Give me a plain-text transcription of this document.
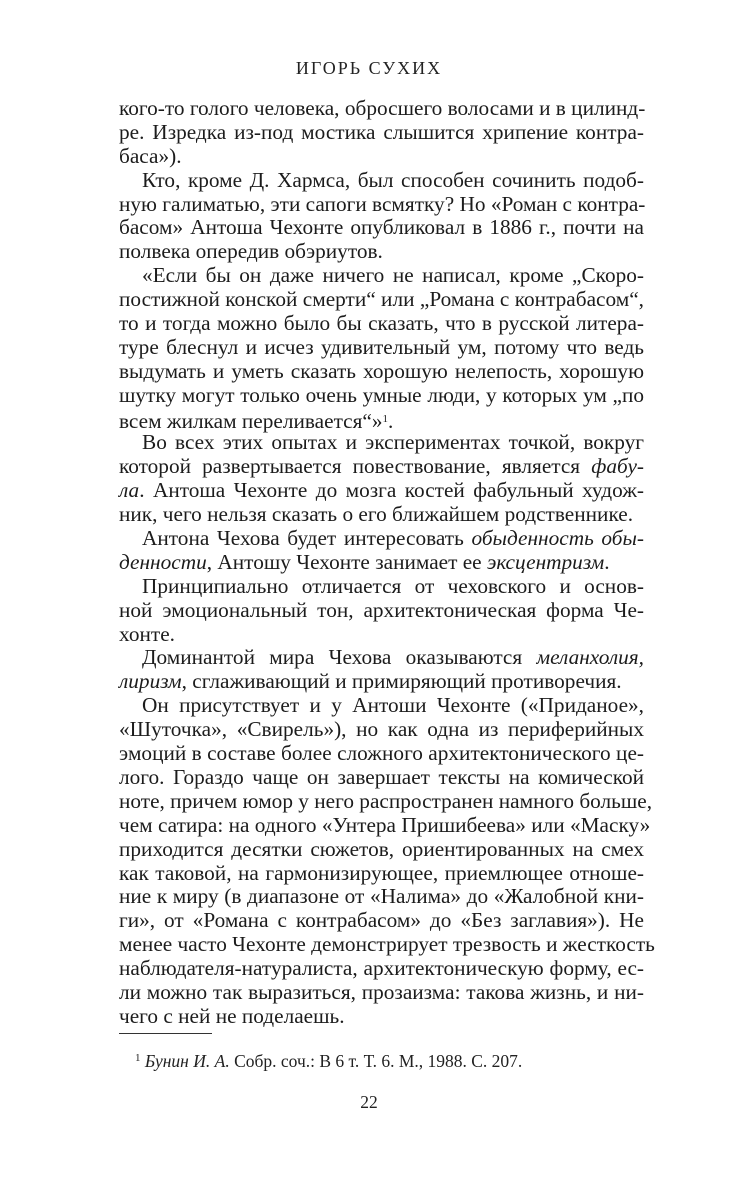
ИГОРЬ СУХИХ
кого-то голого человека, обросшего волосами и в цилинд-
ре. Изредка из-под мостика слышится хрипение контра-
баса»).
Кто, кроме Д. Хармса, был способен сочинить подоб-
ную галиматью, эти сапоги всмятку? Но «Роман с контра-
басом» Антоша Чехонте опубликовал в 1886 г., почти на
полвека опередив обэриутов.
«Если бы он даже ничего не написал, кроме „Скоро-
постижной конской смерти“ или „Романа с контрабасом“,
то и тогда можно было бы сказать, что в русской литера-
туре блеснул и исчез удивительный ум, потому что ведь
выдумать и уметь сказать хорошую нелепость, хорошую
шутку могут только очень умные люди, у которых ум „по
всем жилкам переливается“»$^1$.
Во всех этих опытах и экспериментах точкой, вокруг
которой развертывается повествование, является фабу-
ла. Антоша Чехонте до мозга костей фабульный худож-
ник, чего нельзя сказать о его ближайшем родственнике.
Антона Чехова будет интересовать обыденность обы-
денности, Антошу Чехонте занимает ее эксцентризм.
Принципиально отличается от чеховского и основ-
ной эмоциональный тон, архитектоническая форма Че-
хонте.
Доминантой мира Чехова оказываются меланхолия,
лиризм, сглаживающий и примиряющий противоречия.
Он присутствует и у Антоши Чехонте («Приданое»,
«Шуточка», «Свирель»), но как одна из периферийных
эмоций в составе более сложного архитектонического це-
лого. Гораздо чаще он завершает тексты на комической
ноте, причем юмор у него распространен намного больше,
чем сатира: на одного «Унтера Пришибеева» или «Маску»
приходится десятки сюжетов, ориентированных на смех
как таковой, на гармонизирующее, приемлющее отноше-
ние к миру (в диапазоне от «Налима» до «Жалобной кни-
ги», от «Романа с контрабасом» до «Без заглавия»). Не
менее часто Чехонте демонстрирует трезвость и жесткость
наблюдателя-натуралиста, архитектоническую форму, ес-
ли можно так выразиться, прозаизма: такова жизнь, и ни-
чего с ней не поделаешь.
$^1$ Бунин И. А. Собр. соч.: В 6 т. Т. 6. М., 1988. С. 207.
22
